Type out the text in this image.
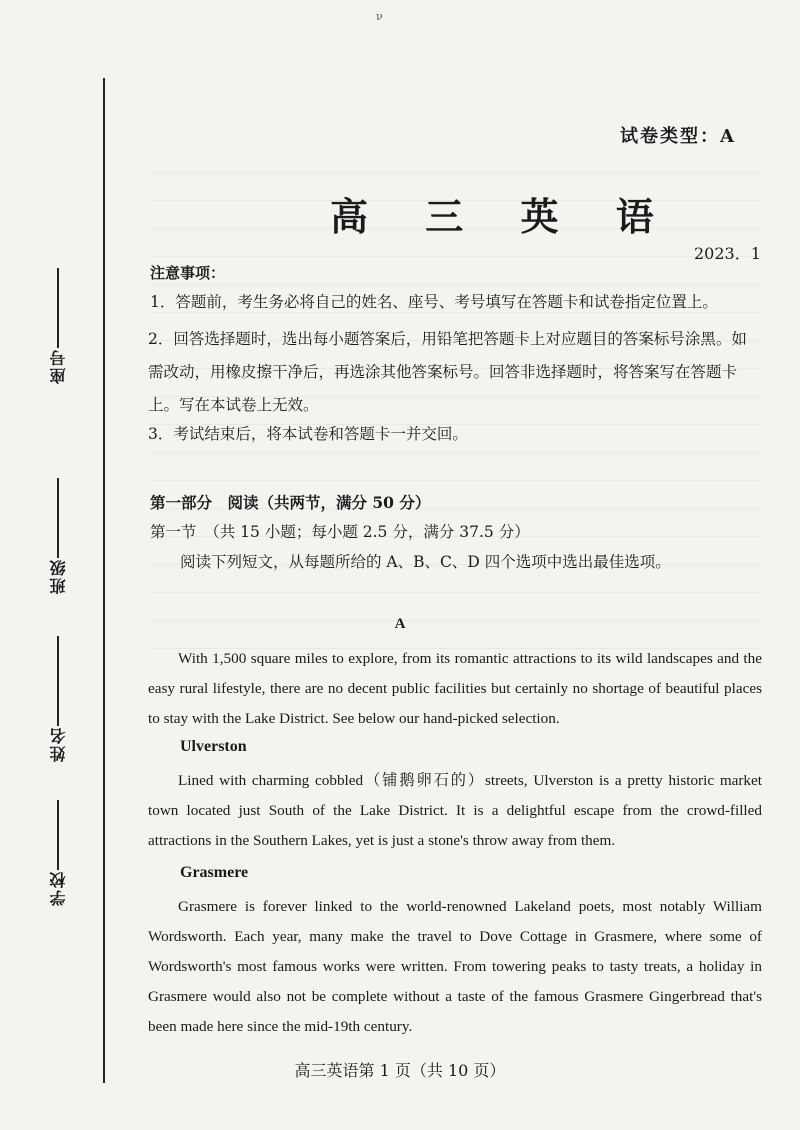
ν
座号
班级
姓名
学校
试卷类型：A
高 三 英 语
2023．1
注意事项：
1．答题前，考生务必将自己的姓名、座号、考号填写在答题卡和试卷指定位置上。
2．回答选择题时，选出每小题答案后，用铅笔把答题卡上对应题目的答案标号涂黑。如需改动，用橡皮擦干净后，再选涂其他答案标号。回答非选择题时，将答案写在答题卡上。写在本试卷上无效。
3．考试结束后，将本试卷和答题卡一并交回。
第一部分　阅读（共两节，满分 50 分）
第一节　（共 15 小题；每小题 2.5 分，满分 37.5 分）
阅读下列短文，从每题所给的 A、B、C、D 四个选项中选出最佳选项。
A
With 1,500 square miles to explore, from its romantic attractions to its wild landscapes and the easy rural lifestyle, there are no decent public facilities but certainly no shortage of beautiful places to stay with the Lake District. See below our hand-picked selection.
Ulverston
Lined with charming cobbled（铺鹅卵石的）streets, Ulverston is a pretty historic market town located just South of the Lake District. It is a delightful escape from the crowd-filled attractions in the Southern Lakes, yet is just a stone's throw away from them.
Grasmere
Grasmere is forever linked to the world-renowned Lakeland poets, most notably William Wordsworth. Each year, many make the travel to Dove Cottage in Grasmere, where some of Wordsworth's most famous works were written. From towering peaks to tasty treats, a holiday in Grasmere would also not be complete without a taste of the famous Grasmere Gingerbread that's been made here since the mid-19th century.
高三英语第 1 页（共 10 页）
